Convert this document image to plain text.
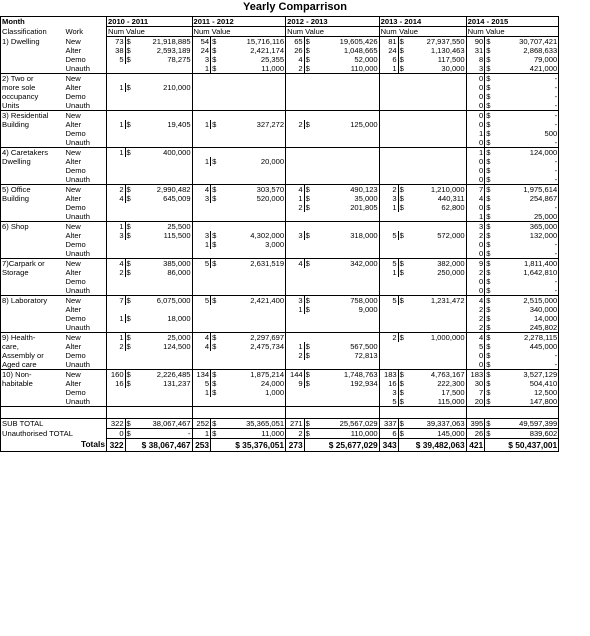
Yearly Comparrison
Month		2010 - 2011			2011 - 2012			2012 - 2013			2013 - 2014			2014 - 2015		
Classification	Work	Num	Value		Num	Value		Num	Value		Num	Value		Num	Value	
1) Dwelling	New	73	$	21,918,885	54	$	15,716,116	65	$	19,605,426	81	$	27,937,550	90	$	30,707,421
	Alter	38	$	2,593,189	24	$	2,421,174	26	$	1,048,665	24	$	1,130,463	31	$	2,868,633
	Demo	5	$	78,275	3	$	25,355	4	$	52,000	6	$	117,500	8	$	79,000
	Unauth				1	$	11,000	2	$	110,000	1	$	30,000	3	$	421,000
2) Two or	New													0	$	-
more sole	Alter	1	$	210,000										0	$	-
occupancy	Demo													0	$	-
Units	Unauth													0	$	-
3) Residential	New													0	$	-
Building	Alter	1	$	19,405	1	$	327,272	2	$	125,000				0	$	-
	Demo													1	$	500
	Unauth													0	$	-
4) Caretakers	New	1	$	400,000										1	$	124,000
Dwelling	Alter				1	$	20,000							0	$	-
	Demo													0	$	-
	Unauth													0	$	-
5) Office	New	2	$	2,990,482	4	$	303,570	4	$	490,123	2	$	1,210,000	7	$	1,975,614
Building	Alter	4	$	645,009	3	$	520,000	1	$	35,000	3	$	440,311	4	$	254,867
	Demo							2	$	201,805	1	$	62,800	0	$	-
	Unauth													1	$	25,000
6) Shop	New	1	$	25,500										3	$	365,000
	Alter	3	$	115,500	3	$	4,302,000	3	$	318,000	5	$	572,000	2	$	132,000
	Demo				1	$	3,000							0	$	-
	Unauth													0	$	-
7)Carpark or	New	4	$	385,000	5	$	2,631,519	4	$	342,000	5	$	382,000	9	$	1,811,400
Storage	Alter	2	$	86,000							1	$	250,000	2	$	1,642,810
	Demo													0	$	-
	Unauth													0	$	-
8) Laboratory	New	7	$	6,075,000	5	$	2,421,400	3	$	758,000	5	$	1,231,472	4	$	2,515,000
	Alter							1	$	9,000				2	$	340,000
	Demo	1	$	18,000										2	$	14,000
	Unauth													2	$	245,802
9) Health-	New	1	$	25,000	4	$	2,297,697				2	$	1,000,000	4	$	2,278,115
care,	Alter	2	$	124,500	4	$	2,475,734	1	$	567,500				5	$	445,000
Assembly or	Demo							2	$	72,813				0	$	-
Aged care	Unauth													0	$	-
10) Non-	New	160	$	2,226,485	134	$	1,875,214	144	$	1,748,763	183	$	4,763,167	183	$	3,527,129
habitable	Alter	16	$	131,237	5	$	24,000	9	$	192,934	16	$	222,300	30	$	504,410
	Demo				1	$	1,000				3	$	17,500	7	$	12,500
	Unauth										5	$	115,000	20	$	147,800

SUB TOTAL		322	$	38,067,467	252	$	35,365,051	271	$	25,567,029	337	$	39,337,063	395	$	49,597,399
Unauthorised TOTAL		0	$	-	1	$	11,000	2	$	110,000	6	$	145,000	26	$	839,602
Totals		322	$ 38,067,467		253	$ 35,376,051		273	$ 25,677,029		343	$ 39,482,063		421	$ 50,437,001	
